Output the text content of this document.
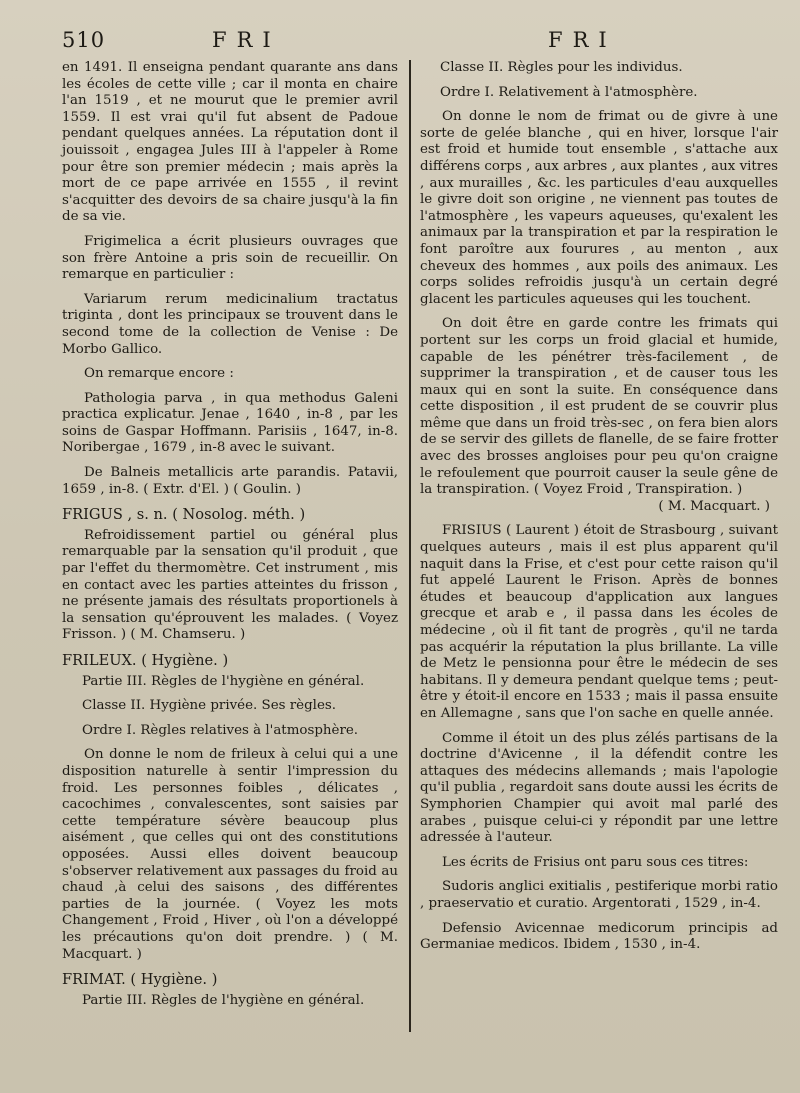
510	FRI	FRI

en 1491. Il enseigna pendant quarante ans dans les écoles de cette ville ; car il monta en chaire l'an 1519 , et ne mourut que le premier avril 1559. Il est vrai qu'il fut absent de Padoue pendant quelques années. La réputation dont il jouissoit , engagea Jules III à l'appeler à Rome pour être son premier médecin ; mais après la mort de ce pape arrivée en 1555 , il revint s'acquitter des devoirs de sa chaire jusqu'à la fin de sa vie.

Frigimelica a écrit plusieurs ouvrages que son frère Antoine a pris soin de recueillir. On remarque en particulier :

Variarum rerum medicinalium tractatus triginta , dont les principaux se trouvent dans le second tome de la collection de Venise : De Morbo Gallico.

On remarque encore :

Pathologia parva , in qua methodus Galeni practica explicatur. Jenae , 1640 , in-8 , par les soins de Gaspar Hoffmann. Parisiis , 1647, in-8. Noribergae , 1679 , in-8 avec le suivant.

De Balneis metallicis arte parandis. Patavii, 1659 , in-8. ( Extr. d'El. ) ( Goulin. )

FRIGUS , s. n. ( Nosolog. méth. )

Refroidissement partiel ou général plus remarquable par la sensation qu'il produit , que par l'effet du thermomètre. Cet instrument , mis en contact avec les parties atteintes du frisson , ne présente jamais des résultats proportionels à la sensation qu'éprouvent les malades. ( Voyez Frisson. ) ( M. Chamseru. )

FRILEUX. ( Hygiène. )

Partie III. Règles de l'hygiène en général.

Classe II. Hygiène privée. Ses règles.

Ordre I. Règles relatives à l'atmosphère.

On donne le nom de frileux à celui qui a une disposition naturelle à sentir l'impression du froid. Les personnes foibles , délicates , cacochimes , convalescentes, sont saisies par cette température sévère beaucoup plus aisément , que celles qui ont des constitutions opposées. Aussi elles doivent beaucoup s'observer relativement aux passages du froid au chaud ,à celui des saisons , des différentes parties de la journée. ( Voyez les mots Changement , Froid , Hiver , où l'on a développé les précautions qu'on doit prendre. ) ( M. Macquart. )

FRIMAT. ( Hygiène. )

Partie III. Règles de l'hygiène en général.

Classe II. Règles pour les individus.

Ordre I. Relativement à l'atmosphère.

On donne le nom de frimat ou de givre à une sorte de gelée blanche , qui en hiver, lorsque l'air est froid et humide tout ensemble , s'attache aux différens corps , aux arbres , aux plantes , aux vitres , aux murailles , &c. les particules d'eau auxquelles le givre doit son origine , ne viennent pas toutes de l'atmosphère , les vapeurs aqueuses, qu'exalent les animaux par la transpiration et par la respiration le font paroître aux fourures , au menton , aux cheveux des hommes , aux poils des animaux. Les corps solides refroidis jusqu'à un certain degré glacent les particules aqueuses qui les touchent.

On doit être en garde contre les frimats qui portent sur les corps un froid glacial et humide, capable de les pénétrer très-facilement , de supprimer la transpiration , et de causer tous les maux qui en sont la suite. En conséquence dans cette disposition , il est prudent de se couvrir plus même que dans un froid très-sec , on fera bien alors de se servir des gillets de flanelle, de se faire frotter avec des brosses angloises pour peu qu'on craigne le refoulement que pourroit causer la seule gêne de la transpiration. ( Voyez Froid , Transpiration. )

( M. Macquart. )

FRISIUS ( Laurent ) étoit de Strasbourg , suivant quelques auteurs , mais il est plus apparent qu'il naquit dans la Frise, et c'est pour cette raison qu'il fut appelé Laurent le Frison. Après de bonnes études et beaucoup d'application aux langues grecque et arab e , il passa dans les écoles de médecine , où il fit tant de progrès , qu'il ne tarda pas acquérir la réputation la plus brillante. La ville de Metz le pensionna pour être le médecin de ses habitans. Il y demeura pendant quelque tems ; peut-être y étoit-il encore en 1533 ; mais il passa ensuite en Allemagne , sans que l'on sache en quelle année.

Comme il étoit un des plus zélés partisans de la doctrine d'Avicenne , il la défendit contre les attaques des médecins allemands ; mais l'apologie qu'il publia , regardoit sans doute aussi les écrits de Symphorien Champier qui avoit mal parlé des arabes , puisque celui-ci y répondit par une lettre adressée à l'auteur.

Les écrits de Frisius ont paru sous ces titres:

Sudoris anglici exitialis , pestiferique morbi ratio , praeservatio et curatio. Argentorati , 1529 , in-4.

Defensio Avicennae medicorum principis ad Germaniae medicos. Ibidem , 1530 , in-4.
